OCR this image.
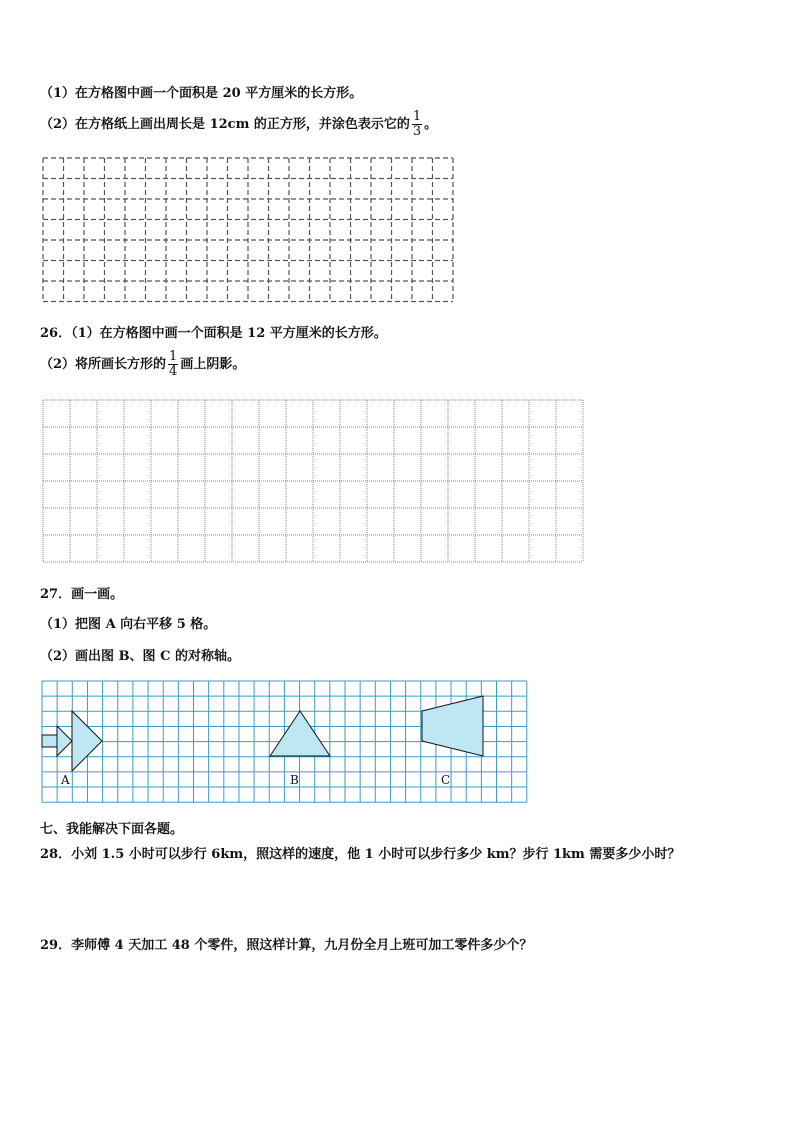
（1）在方格图中画一个面积是 20 平方厘米的长方形。
（2）在方格纸上画出周长是 12cm 的正方形，并涂色表示它的 $\frac{1}{3}$ 。
26．（1）在方格图中画一个面积是 12 平方厘米的长方形。
（2）将所画长方形的 $\frac{1}{4}$ 画上阴影。
27．画一画。
（1）把图 A 向右平移 5 格。
（2）画出图 B、图 C 的对称轴。
A	B	C
七、我能解决下面各题。
28．小刘 1.5 小时可以步行 6km，照这样的速度，他 1 小时可以步行多少 km？步行 1km 需要多少小时？
29．李师傅 4 天加工 48 个零件，照这样计算，九月份全月上班可加工零件多少个？
